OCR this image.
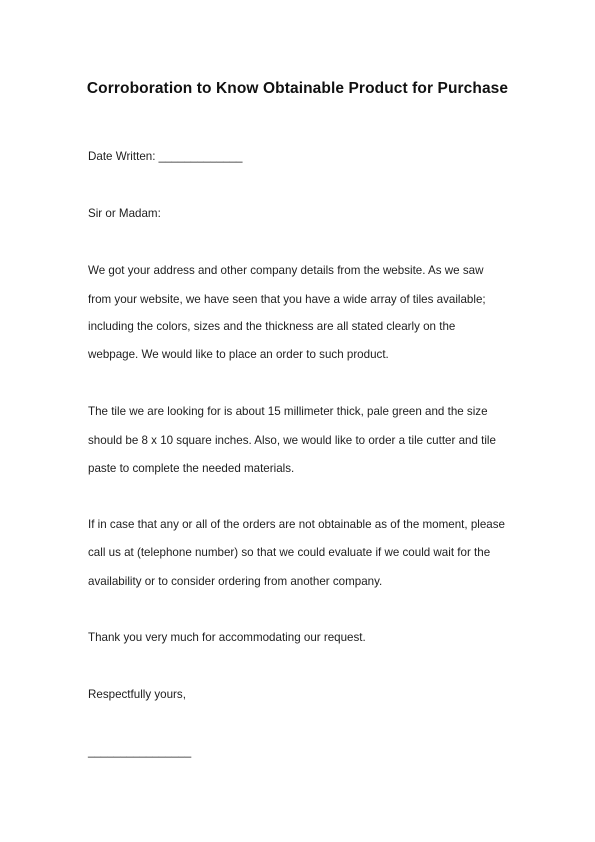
Corroboration to Know Obtainable Product for Purchase
Date Written: _____________
Sir or Madam:
We got your address and other company details from the website. As we saw
from your website, we have seen that you have a wide array of tiles available;
including the colors, sizes and the thickness are all stated clearly on the
webpage. We would like to place an order to such product.
The tile we are looking for is about 15 millimeter thick, pale green and the size
should be 8 x 10 square inches. Also, we would like to order a tile cutter and tile
paste to complete the needed materials.
If in case that any or all of the orders are not obtainable as of the moment, please
call us at (telephone number) so that we could evaluate if we could wait for the
availability or to consider ordering from another company.
Thank you very much for accommodating our request.
Respectfully yours,
________________
